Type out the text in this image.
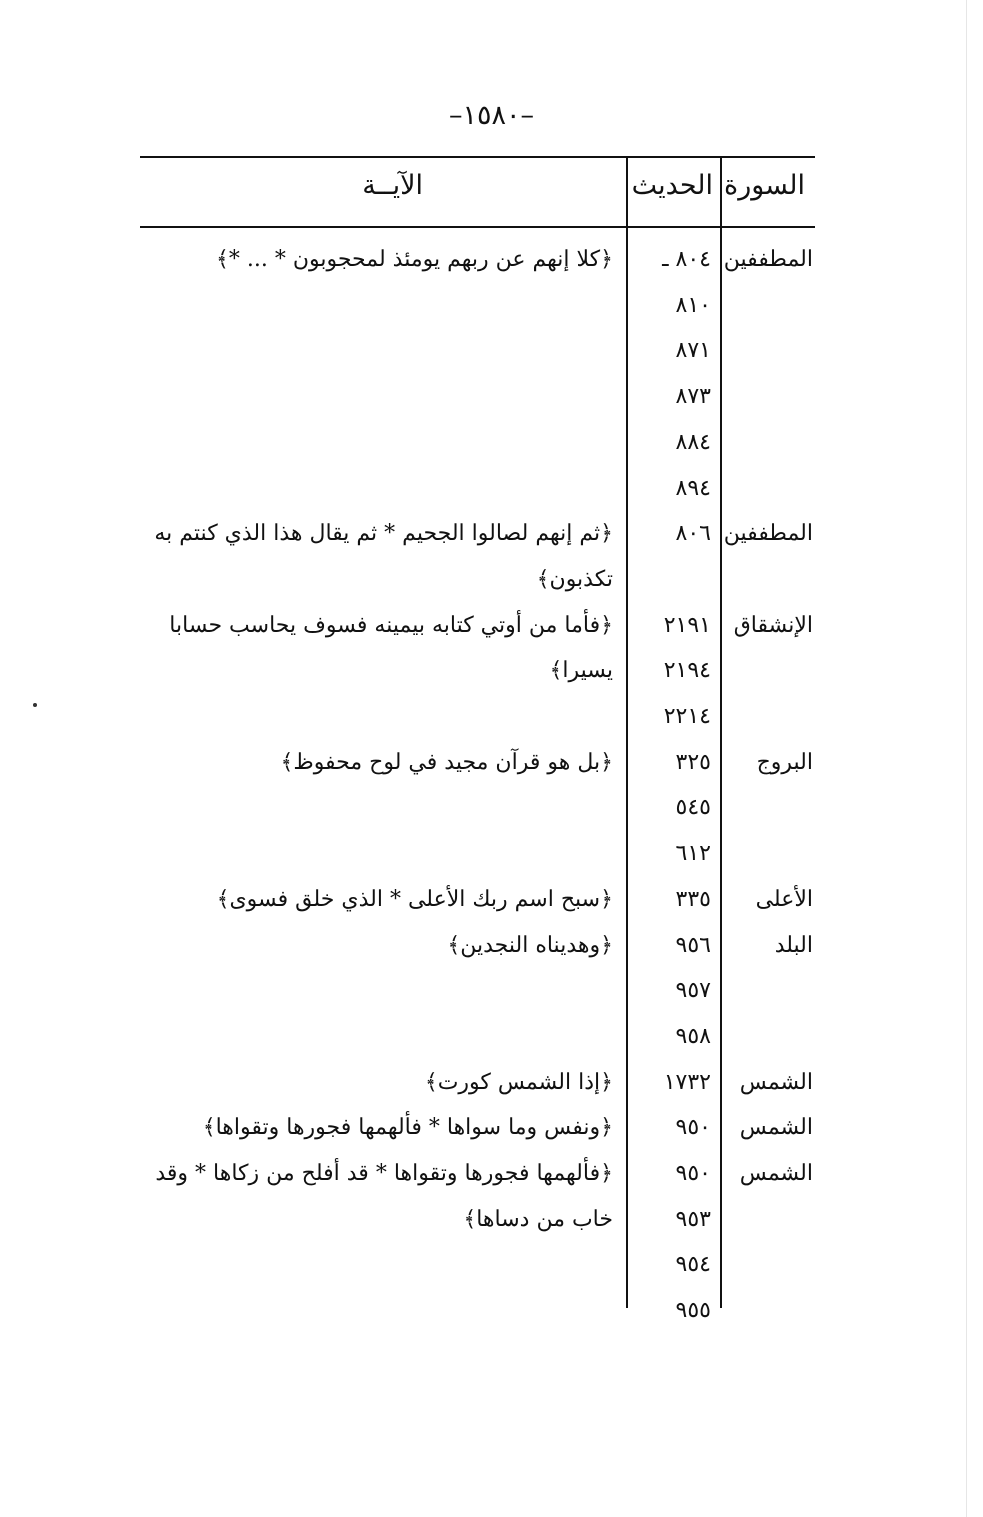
–١٥٨٠–
السورة
الحديث
الآيــة
المطففين
٨٠٤ ـ
﴿كلا إنهم عن ربهم يومئذ لمحجوبون * ... *﴾
٨١٠
٨٧١
٨٧٣
٨٨٤
٨٩٤
المطففين
٨٠٦
﴿ثم إنهم لصالوا الجحيم * ثم يقال هذا الذي كنتم به
تكذبون﴾
الإنشقاق
٢١٩١
﴿فأما من أوتي كتابه بيمينه فسوف يحاسب حسابا
٢١٩٤
يسيرا﴾
٢٢١٤
البروج
٣٢٥
﴿بل هو قرآن مجيد في لوح محفوظ﴾
٥٤٥
٦١٢
الأعلى
٣٣٥
﴿سبح اسم ربك الأعلى * الذي خلق فسوى﴾
البلد
٩٥٦
﴿وهديناه النجدين﴾
٩٥٧
٩٥٨
الشمس
١٧٣٢
﴿إذا الشمس كورت﴾
الشمس
٩٥٠
﴿ونفس وما سواها * فألهمها فجورها وتقواها﴾
الشمس
٩٥٠
﴿فألهمها فجورها وتقواها * قد أفلح من زكاها * وقد
٩٥٣
خاب من دساها﴾
٩٥٤
٩٥٥
